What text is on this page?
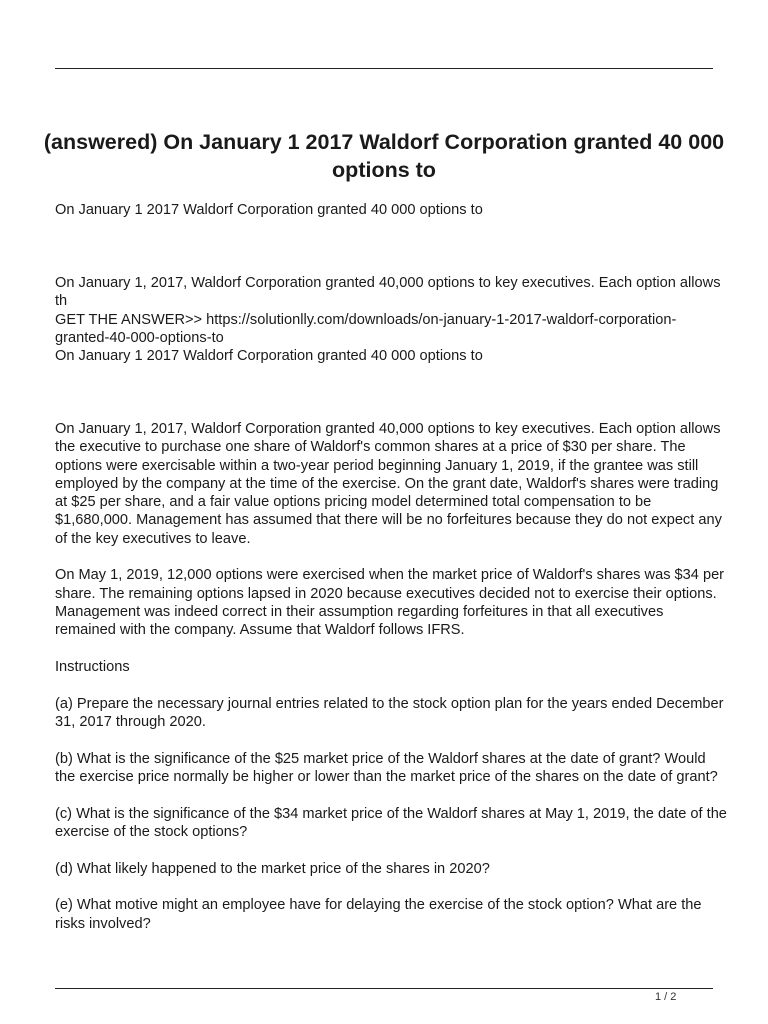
(answered) On January 1 2017 Waldorf Corporation granted 40 000 options to
On January 1 2017 Waldorf Corporation granted 40 000 options to
On January 1, 2017, Waldorf Corporation granted 40,000 options to key executives. Each option allows th
GET THE ANSWER>> https://solutionlly.com/downloads/on-january-1-2017-waldorf-corporation-
granted-40-000-options-to
On January 1 2017 Waldorf Corporation granted 40 000 options to

On January 1, 2017, Waldorf Corporation granted 40,000 options to key executives. Each option allows the executive to purchase one share of Waldorf's common shares at a price of $30 per share. The options were exercisable within a two-year period beginning January 1, 2019, if the grantee was still employed by the company at the time of the exercise. On the grant date, Waldorf's shares were trading at $25 per share, and a fair value options pricing model determined total compensation to be $1,680,000. Management has assumed that there will be no forfeitures because they do not expect any of the key executives to leave.

On May 1, 2019, 12,000 options were exercised when the market price of Waldorf's shares was $34 per share. The remaining options lapsed in 2020 because executives decided not to exercise their options. Management was indeed correct in their assumption regarding forfeitures in that all executives remained with the company. Assume that Waldorf follows IFRS.

Instructions

(a) Prepare the necessary journal entries related to the stock option plan for the years ended December 31, 2017 through 2020.

(b) What is the significance of the $25 market price of the Waldorf shares at the date of grant? Would the exercise price normally be higher or lower than the market price of the shares on the date of grant?

(c) What is the significance of the $34 market price of the Waldorf shares at May 1, 2019, the date of the exercise of the stock options?

(d) What likely happened to the market price of the shares in 2020?

(e) What motive might an employee have for delaying the exercise of the stock option? What are the risks involved?

1 / 2
